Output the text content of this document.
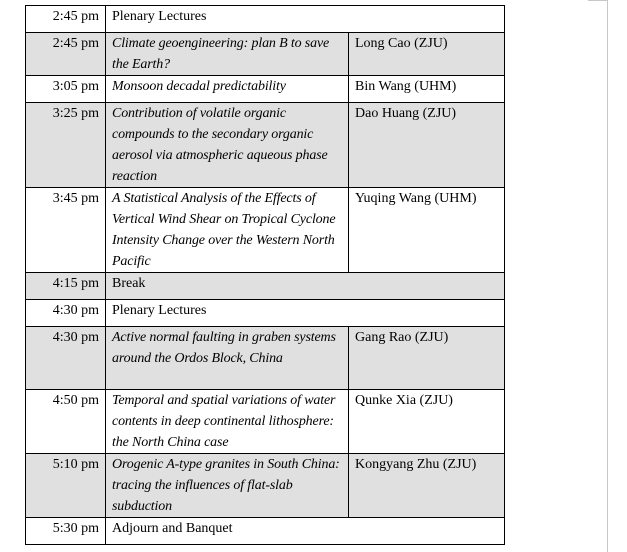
2:45 pm	Plenary Lectures	
2:45 pm	Climate geoengineering: plan B to save the Earth?	Long Cao (ZJU)
3:05 pm	Monsoon decadal predictability	Bin Wang (UHM)
3:25 pm	Contribution of volatile organic compounds to the secondary organic aerosol via atmospheric aqueous phase reaction	Dao Huang (ZJU)
3:45 pm	A Statistical Analysis of the Effects of Vertical Wind Shear on Tropical Cyclone Intensity Change over the Western North Pacific	Yuqing Wang (UHM)
4:15 pm	Break	
4:30 pm	Plenary Lectures	
4:30 pm	Active normal faulting in graben systems around the Ordos Block, China	Gang Rao (ZJU)
4:50 pm	Temporal and spatial variations of water contents in deep continental lithosphere: the North China case	Qunke Xia (ZJU)
5:10 pm	Orogenic A-type granites in South China: tracing the influences of flat-slab subduction	Kongyang Zhu (ZJU)
5:30 pm	Adjourn and Banquet	
